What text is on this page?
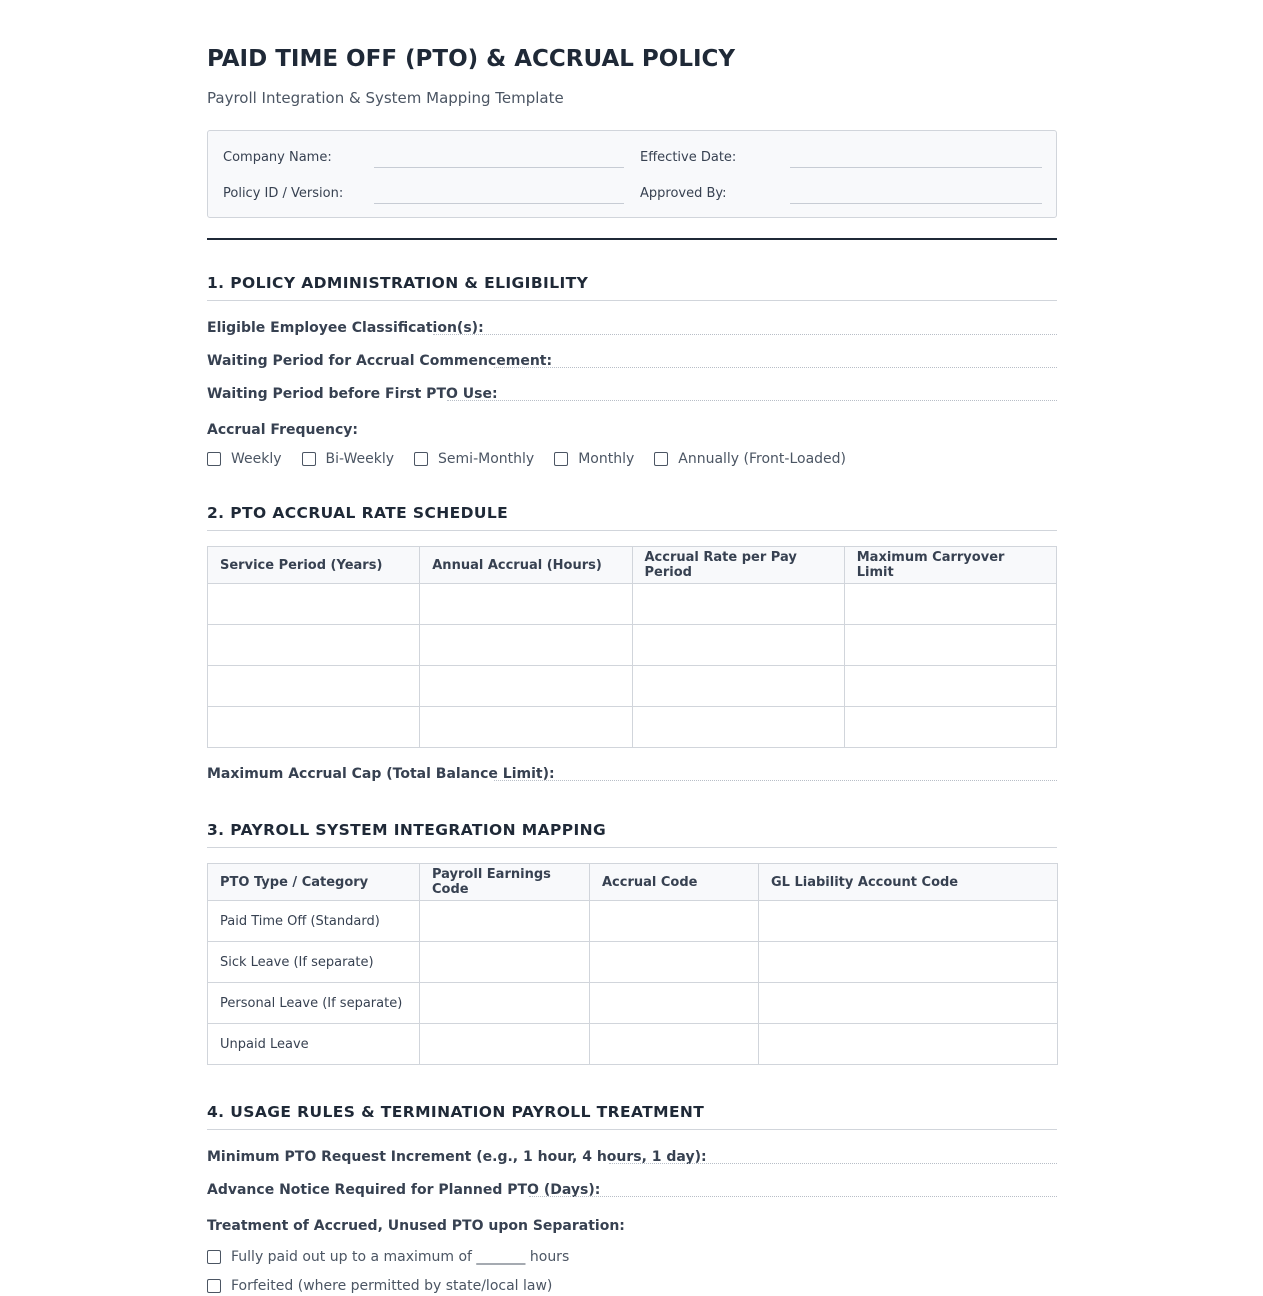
PAID TIME OFF (PTO) & ACCRUAL POLICY
Payroll Integration & System Mapping Template
Company Name:	Effective Date:
Policy ID / Version:	Approved By:
1. POLICY ADMINISTRATION & ELIGIBILITY
Eligible Employee Classification(s):
Waiting Period for Accrual Commencement:
Waiting Period before First PTO Use:
Accrual Frequency:
Weekly	Bi-Weekly	Semi-Monthly	Monthly	Annually (Front-Loaded)
2. PTO ACCRUAL RATE SCHEDULE
Service Period (Years)	Annual Accrual (Hours)	Accrual Rate per Pay Period	Maximum Carryover Limit

Maximum Accrual Cap (Total Balance Limit):
3. PAYROLL SYSTEM INTEGRATION MAPPING
PTO Type / Category	Payroll Earnings Code	Accrual Code	GL Liability Account Code
Paid Time Off (Standard)			
Sick Leave (If separate)			
Personal Leave (If separate)			
Unpaid Leave			
4. USAGE RULES & TERMINATION PAYROLL TREATMENT
Minimum PTO Request Increment (e.g., 1 hour, 4 hours, 1 day):
Advance Notice Required for Planned PTO (Days):
Treatment of Accrued, Unused PTO upon Separation:
Fully paid out up to a maximum of _______ hours
Forfeited (where permitted by state/local law)
